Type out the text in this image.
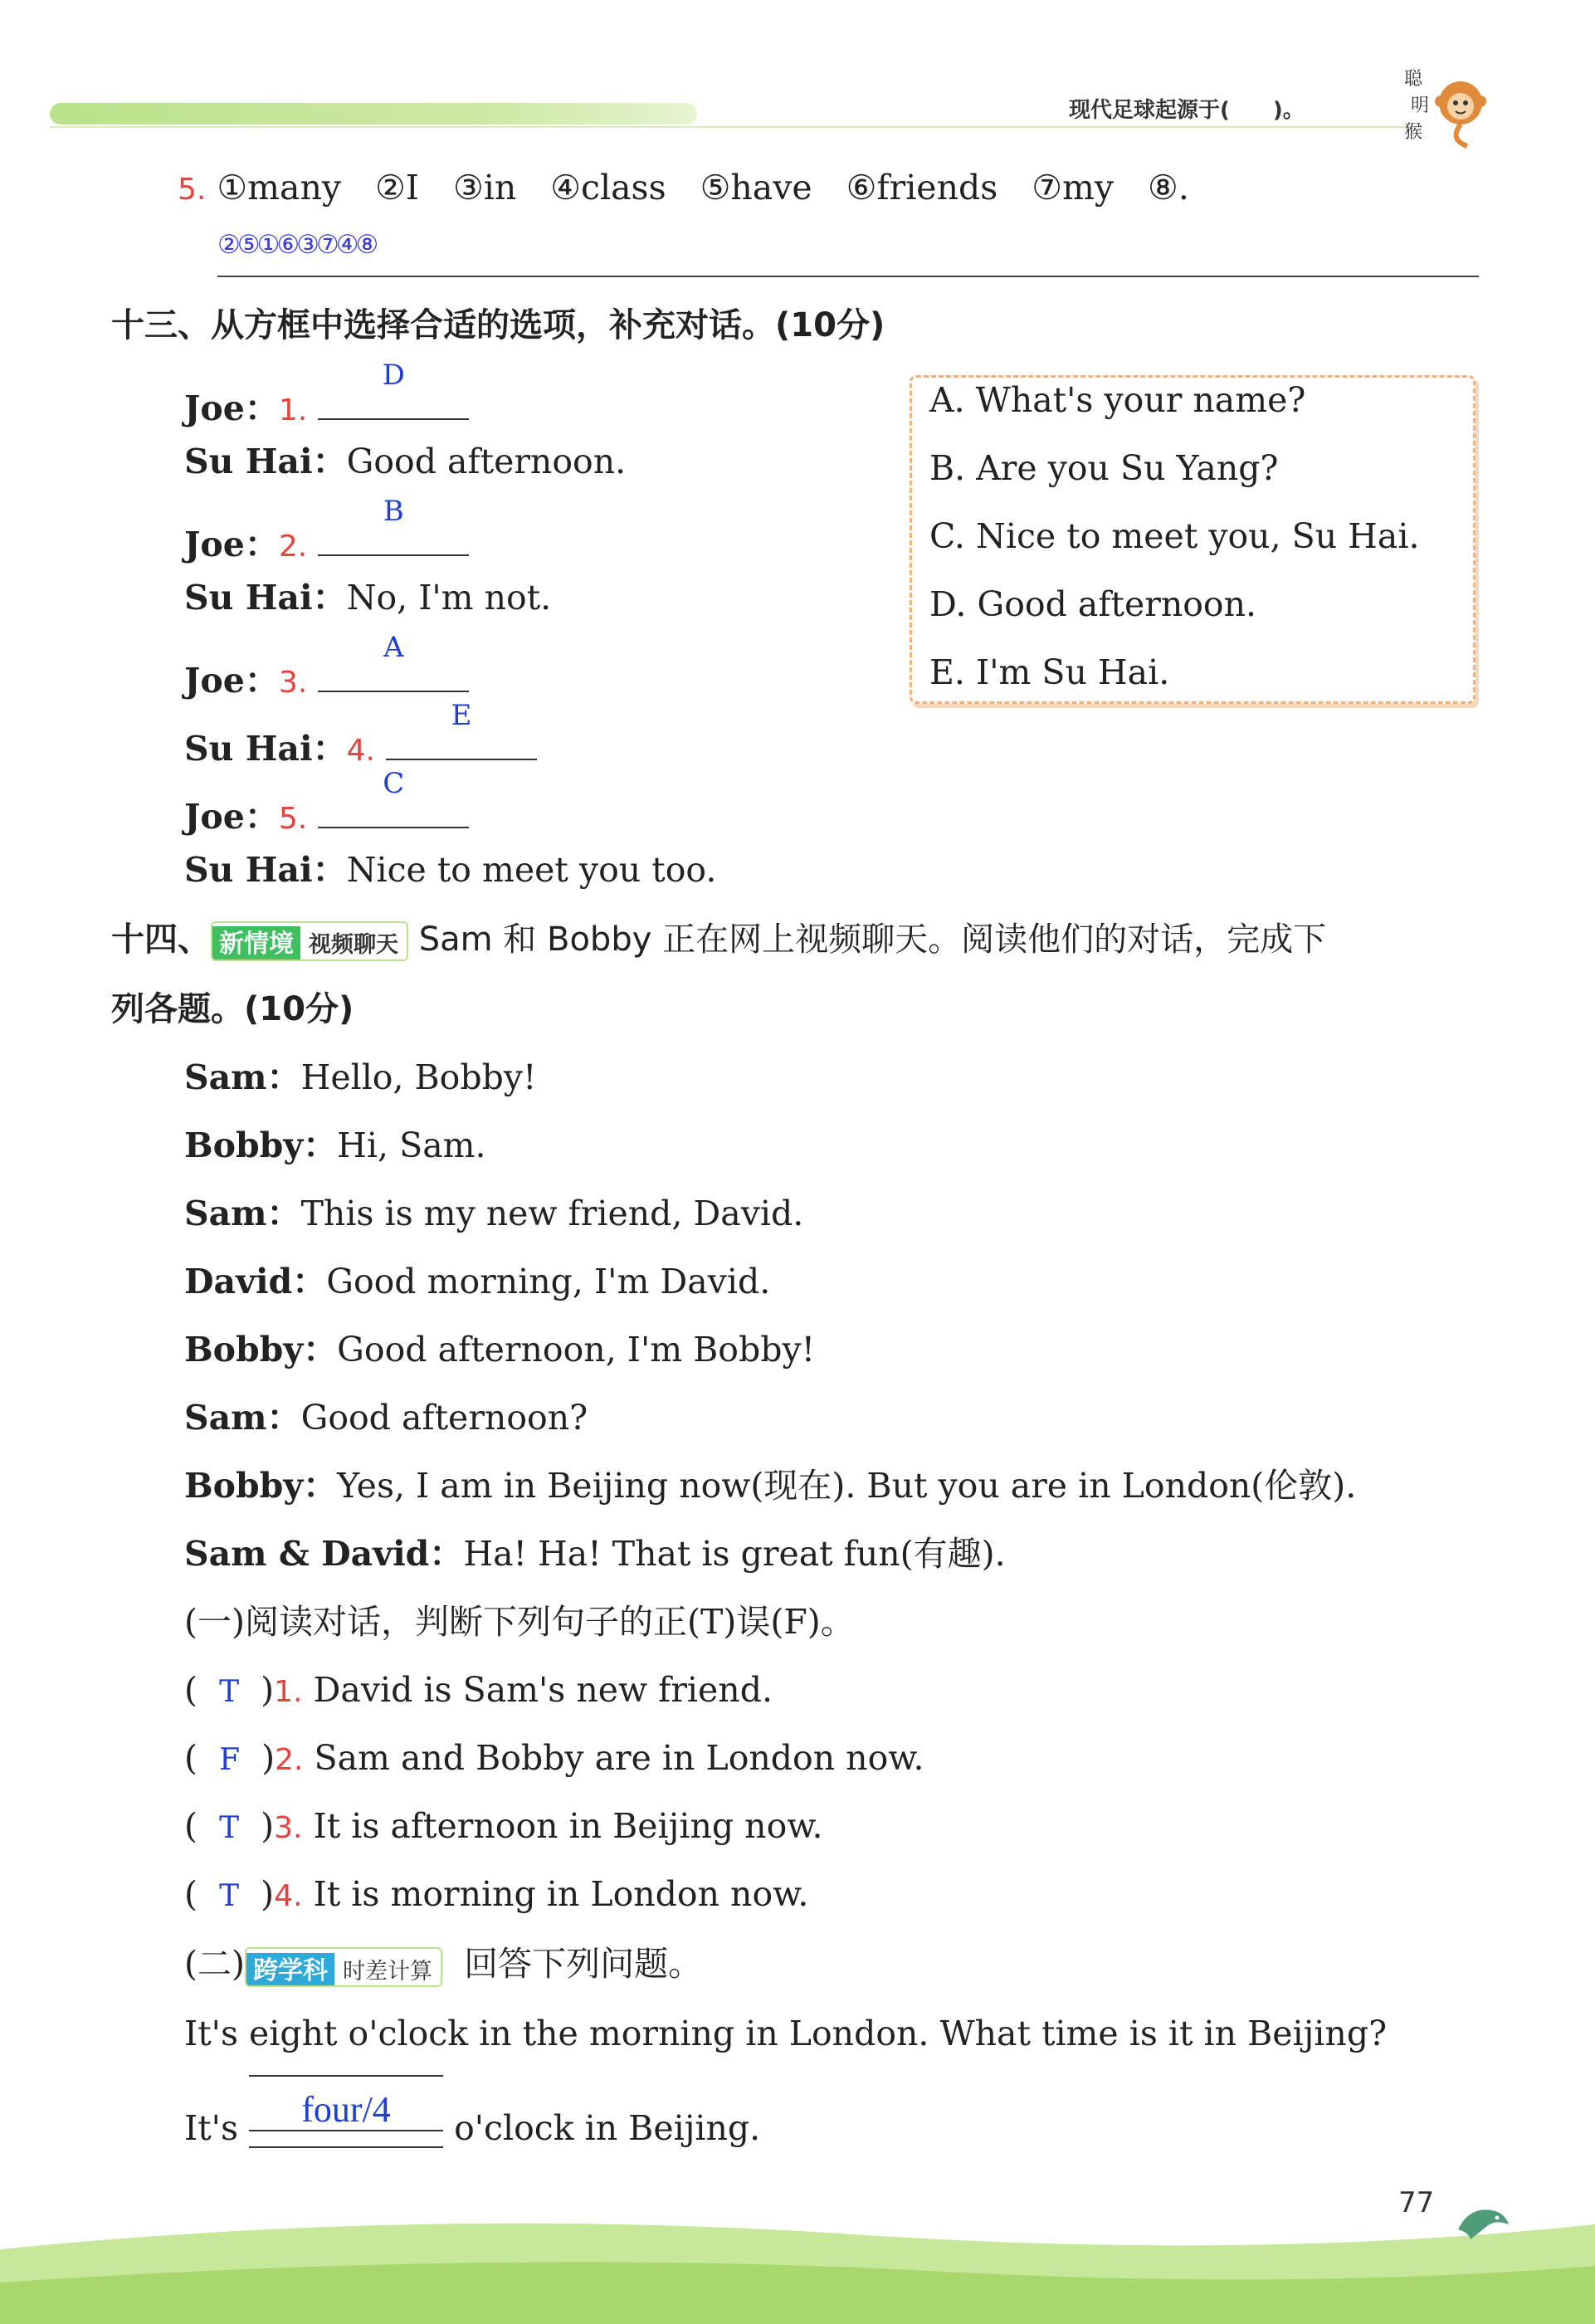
现代足球起源于(　　)。
聪
明
猴
5. ①many　②I　③in　④class　⑤have　⑥friends　⑦my　⑧.
②⑤①⑥③⑦④⑧
十三、从方框中选择合适的选项，补充对话。(10分)
Joe：1.
D
Su Hai：Good afternoon.
Joe：2.
B
Su Hai：No, I'm not.
Joe：3.
A
Su Hai：4.
E
Joe：5.
C
Su Hai：Nice to meet you too.
A. What's your name?
B. Are you Su Yang?
C. Nice to meet you, Su Hai.
D. Good afternoon.
E. I'm Su Hai.
十四、 新情境 视频聊天 Sam 和 Bobby 正在网上视频聊天。阅读他们的对话，完成下
列各题。(10分)
Sam：Hello, Bobby!
Bobby：Hi, Sam.
Sam：This is my new friend, David.
David：Good morning, I'm David.
Bobby：Good afternoon, I'm Bobby!
Sam：Good afternoon?
Bobby：Yes, I am in Beijing now(现在). But you are in London(伦敦).
Sam & David：Ha! Ha! That is great fun(有趣).
(一)阅读对话，判断下列句子的正(T)误(F)。
(  T  )1. David is Sam's new friend.
(  F  )2. Sam and Bobby are in London now.
(  T  )3. It is afternoon in Beijing now.
(  T  )4. It is morning in London now.
(二) 跨学科 时差计算 回答下列问题。
It's eight o'clock in the morning in London. What time is it in Beijing?
It's	four/4	o'clock in Beijing.
77
